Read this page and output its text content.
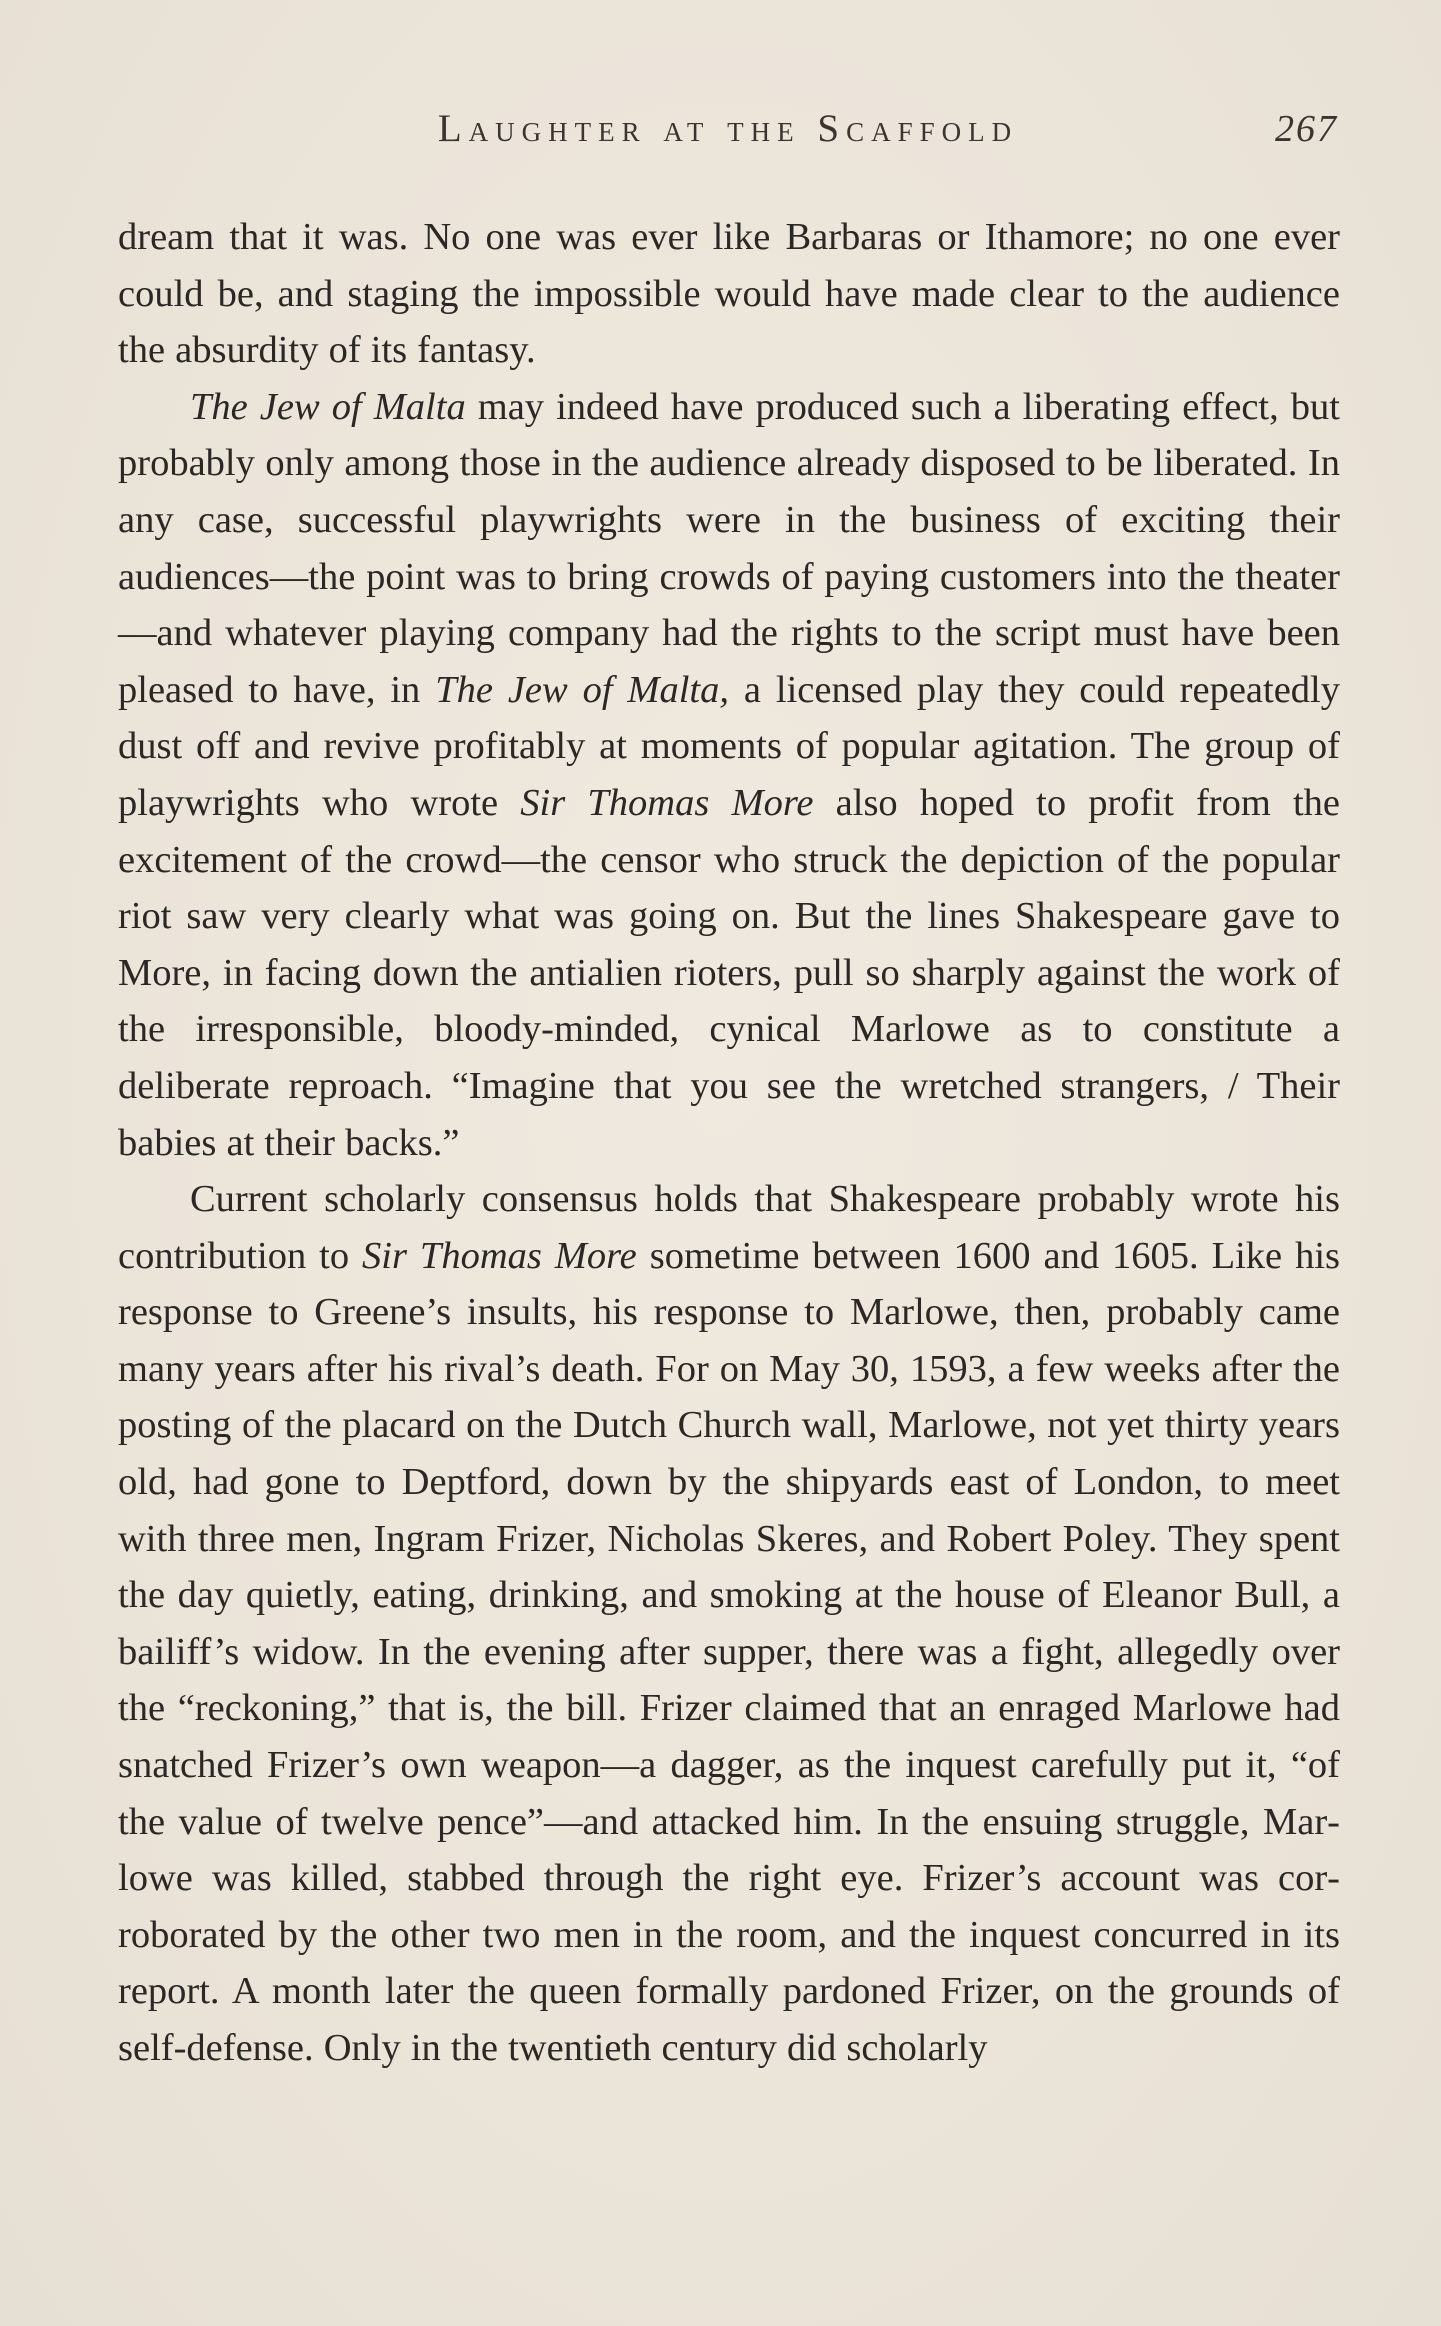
Laughter at the Scaffold	267

dream that it was. No one was ever like Barbaras or Ithamore; no one ever could be, and staging the impossible would have made clear to the audience the absurdity of its fantasy.

The Jew of Malta may indeed have produced such a liberating effect, but probably only among those in the audience already disposed to be liberated. In any case, successful playwrights were in the business of exciting their audiences—the point was to bring crowds of paying customers into the theater—and whatever playing company had the rights to the script must have been pleased to have, in The Jew of Malta, a licensed play they could repeatedly dust off and revive profitably at moments of popular agitation. The group of playwrights who wrote Sir Thomas More also hoped to profit from the excitement of the crowd—the censor who struck the depiction of the popular riot saw very clearly what was going on. But the lines Shakespeare gave to More, in facing down the antialien rioters, pull so sharply against the work of the irresponsible, bloody-minded, cynical Marlowe as to constitute a deliberate reproach. “Imagine that you see the wretched strangers, / Their babies at their backs.”

Current scholarly consensus holds that Shakespeare probably wrote his contribution to Sir Thomas More sometime between 1600 and 1605. Like his response to Greene’s insults, his response to Marlowe, then, probably came many years after his rival’s death. For on May 30, 1593, a few weeks after the posting of the placard on the Dutch Church wall, Marlowe, not yet thirty years old, had gone to Deptford, down by the shipyards east of London, to meet with three men, Ingram Frizer, Nicholas Skeres, and Robert Poley. They spent the day quietly, eating, drinking, and smoking at the house of Eleanor Bull, a bailiff’s widow. In the evening after supper, there was a fight, allegedly over the “reckoning,” that is, the bill. Frizer claimed that an enraged Marlowe had snatched Frizer’s own weapon—a dagger, as the inquest carefully put it, “of the value of twelve pence”—and attacked him. In the ensuing struggle, Marlowe was killed, stabbed through the right eye. Frizer’s account was corroborated by the other two men in the room, and the inquest concurred in its report. A month later the queen formally pardoned Frizer, on the grounds of self-defense. Only in the twentieth century did scholarly
